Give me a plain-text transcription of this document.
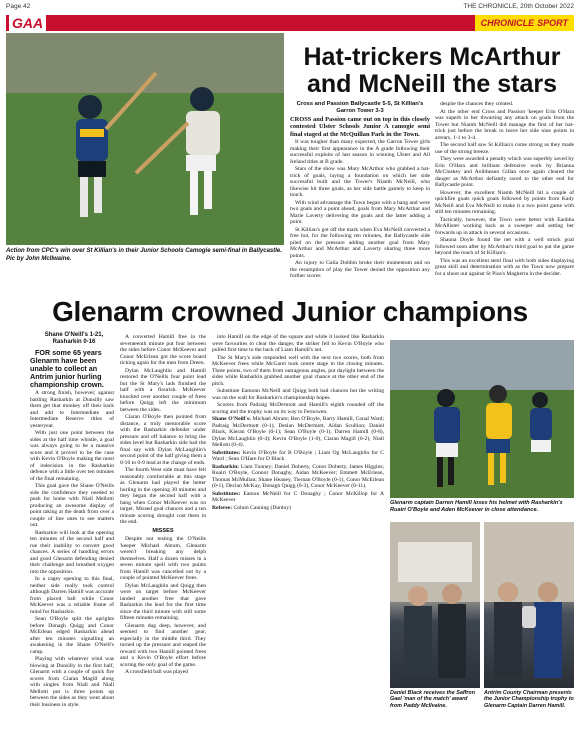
Page 42	THE CHRONICLE, 20th October 2022
GAA	CHRONICLE SPORT
Action from CPC's win over St Killian's in their Junior Schools Camogie semi-final in Ballycastle. Pic by John McIlwaine.
Hat-trickers McArthur and McNeill the stars
Cross and Passion Ballycastle 5-5, St Killian's Garron Tower 3-3

CROSS and Passion came out on top in this closely contested Ulster Schools Junior A camogie semi final staged at the McQuillan Park in the Town.

It was tougher than many expected, the Garron Tower girls making their first appearance in the A grade following their successful exploits of last season in winning Ulster and All Ireland titles at B grade.

Stars of the show was Mary McArthur who grabbed a hat-trick of goals, laying a foundation on which her side successful built and the Tower's Niamh McNeill, who likewise hit three goals, as her side battle gamely to keep in touch.

With wind advantage the Town began with a bang and were two goals and a point ahead, goals from Mary McArthur and Marie Laverty delivering the goals and the latter adding a point.

St Killian's got off the mark when Eva McNeill converted a free but, for the following ten minutes, the Ballycastle side piled on the pressure adding another goal from Mary McArthur and McArthur and Laverty sharing three more points.

An injury to Gaila Dobbin broke their momentum and on the resumption of play the Tower denied the opposition any further scores

despite the chances they created.

At the other end Cross and Passion 'keeper Erin O'Hara was superb in her thwarting any attack on goals from the Tower but Niamh McNeill did manage the first of her hat-trick just before the break to leave her side nine points in arrears, 1-1 to 3-4.

The second half saw St Killian's come strong as they made use of the strong breeze.

They were awarded a penalty which was superbly saved by Erin O'Hara and brilliant defensive work by Brianna McCloskey and Aoibheann Gillan once again cleared the danger as McArthur defiantly raced to the other end for Ballycastle point.

However, the excellent Niamh McNeill hit a couple of quickfire goals quick goals followed by points from Kady McNeill and Eva McNeill to make it a two point game with still ten minutes remaining.

Tactically, however, the Town were better with Eaobha McAllister working back as a sweeper and setting her forwards up in attack in several occasions.

Shauna Doyle found the net with a well struck goal followed soon after by McArthur's third goal to put the game beyond the reach of St Killian's.

This was an excellent semi final with both sides displaying great skill and determination with as the Town now prepare for a shoot out against St Pius's Magherra in the decider.

Glenarm crowned Junior champions
Shane O'Neill's 1-21, Rasharkin 0-16

FOR some 65 years Glenarm have been unable to collect an Antrim junior hurling championship crown.

A strong finish, however, against battling Rasharkin at Dunsilly saw them get that monkey off their back and add to Intermediate and Intermediate Reserve titles of yesteryear.

With just one point between the sides at the half time whistle, a goal was always going to be a massive score and it proved to be the case with Kevin O'Boyle making the most of indecision in the Rasharkin defence with a little over ten minutes of the final remaining.

This goal gave the Shane O'Neills side the confidence they needed to push for home with Niall Mellotti producing an awesome display of point taking at the death from over a couple of line ones to see matters out.

Rasharkin will look at the opening ten minutes of the second half and rue their inability to convert good chances. A series of handling errors and good Glenarm defending denied their challenge and breathed oxygen into the opposition.

In a cagey opening to this final, neither side really took control although Darren Hamill was accurate from placed ball while Conor McKeever was a reliable frame of mind for Rasharkin.

Sean O'Boyle split the uprights before Donagh Quigg and Conor McErlean edged Rasharkin ahead after ten minutes signalling an awakening in the Shane O'Neill's camp.

Playing with whatever wind was blowing at Dunsilly in the first half, Glenarm with a couple of quick fire scores from Ciaran Magill along with singles from Niall and Niall Mellotti put is three points up between the sides as they went about their business in style.

A converted Hamill free in the seventeenth minute put four between the sides before Conor McKeever and Conor McErlean got the score board ticking again for the men from Dreen.

Dylan McLaughlin and Hamill restored the O'Neills four point lead but the St Mary's lads finished the half with a flourish. McKeever knocked over another couple of frees before Quigg left the minimum between the sides.

Ciaran O'Boyle then pointed from distance, a truly memorable score with the Rasharkin defender under pressure and off balance to bring the sides level but Rasharkin side had the final say with Dylan McLaughlin's second point of the half giving them a 0-10 to 0-9 lead at the change of ends.

The fourth West side must have felt reasonably comfortable at this stage as Glenarm had played the better hurling in the opening 30 minutes and they began the second half with a bang when Conor McKeever was on target. Missed goal chances and a ten minute scoring drought cost them in the end.

MISSES

Despite not testing the O'Neills 'keeper Michael Abram, Glenarm weren't breaking any delph themselves. Half a dozen misses in a seven minute spell with two points from Hamill was cancelled out by a couple of pointed McKeever frees.

Dylan McLaughlin and Quigg then were on target before McKeever landed another free that gave Rasharkin the lead for the first time since the third minute with still some fifteen minutes remaining.

Glenarm dug deep, however, and seemed to find another gear, especially in the middle third. They turned up the pressure and reaped the reward with two Hamill pointed frees and a Kevin O'Boyle effort before scoring the only goal of the game.

A crossfield ball was played

into Hamill on the edge of the square and while it looked like Rasharkin were favourites to clear the danger, the striker fell to Kevin O'Boyle who pulled first time to the back of Liam Hamill's net.

The St Mary's side responded well with the next two scores, both from McKeever frees while McGarel took centre stage in the closing minutes. Three points, two of them from outrageous angles, put daylight between the sides while Rasharkin grabbed another goal chance at the other end of the pitch.

Substitute Eamonn McNeill and Quigg both had chances but the writing was on the wall for Rasharkin's championship hopes.

Scorers from Padraig McDermott and Hamill's eighth rounded off the scoring and the trophy was on its way to Fernowen.

Shane O'Neill's: Michael Abram; Ben O'Boyle, Barry Hamill, Conal Ward; Padraig McDermott (0-1), Deslan McDermott, Aidan Scullion; Daniel Black, Kieran O'Boyle (0-1); Sean O'Boyle (0-1), Darren Hamill (0-8), Dylan McLaughlin (0-4); Kevin O'Boyle (1-0), Ciaran Magill (0-2), Niall Mellotti (0-4).

Substitutes: Kevin O'Boyle for B O'Boyle ; Liam Og McLaughlin for C Ward ; Sean O'Hare for D Black

Rasharkin: Liam Tunney; Daniel Doherty, Conor Doherty, James Higgins; Ruairi O'Boyle, Connor Donaghy, Aidan McKeever; Emmett McErlean, Thomas McMullan; Shane Heaney, Tiernan O'Boyle (0-1), Conor McErlean (0-1), Declan McKay, Donagh Quigg (0-3), Conor McKeever (0-11).

Substitutes: Eamon McNeill for C Donaghy ; Conor McKillop for A McKeever

Referee: Colum Canning (Dunloy)

Glenarm captain Darren Hamill loses his helmet with Rasharkin's Ruairi O'Boyle and Aden McKeever in close attendance.
Daniel Black receives the Saffron Gael 'man of the match' award from Paddy McIlvaine.
Antrim County Chairman presents the Junior Championship trophy to Glenarm Captain Darren Hamill.
